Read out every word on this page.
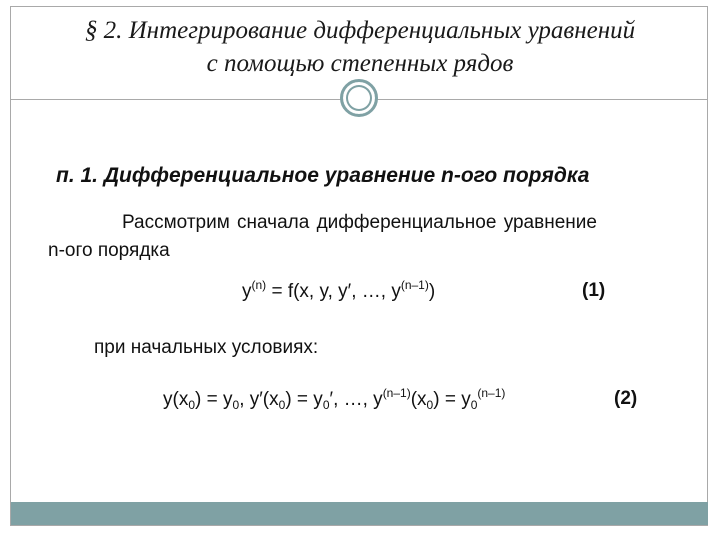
§ 2. Интегрирование дифференциальных уравнений
с помощью степенных рядов
п. 1. Дифференциальное уравнение n-ого порядка
Рассмотрим сначала дифференциальное уравнение
n-ого порядка
$y^{(n)} = f(x$, y, y′, …, $y^{(n-1)}$)	(1)
при начальных условиях:
$y(x_0) = y_0$, $y'(x_0) = y_0'$, …, $y^{(n-1)}(x_0) = y_0^{(n-1)}$	(2)
